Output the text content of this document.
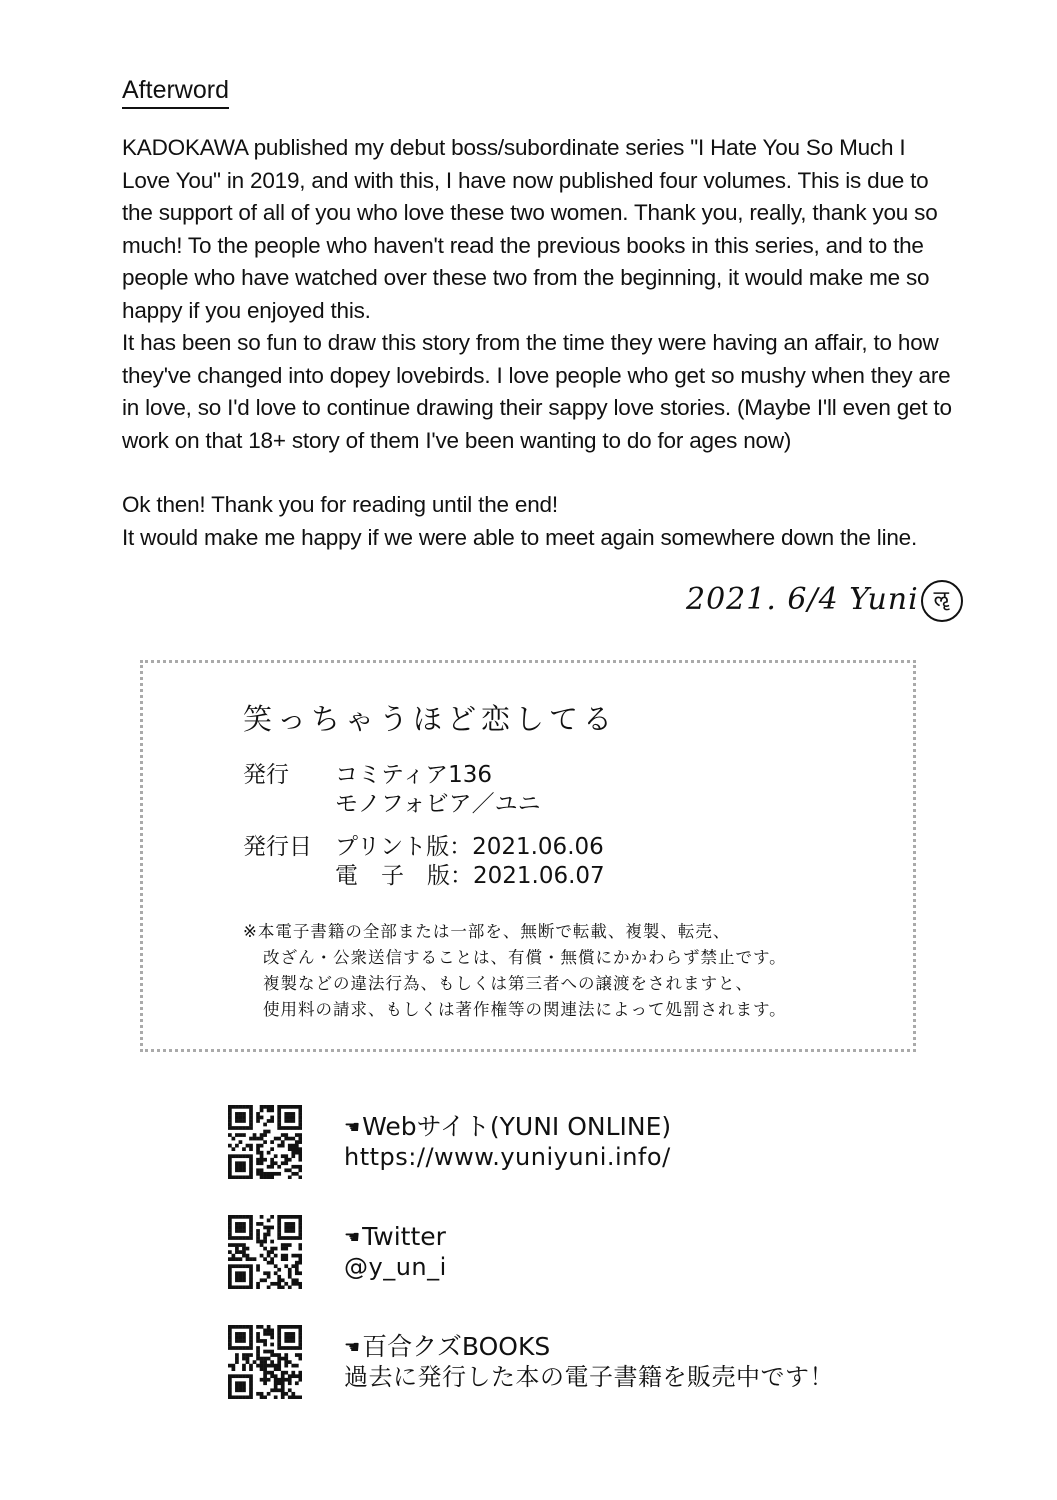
Afterword

KADOKAWA published my debut boss/subordinate series "I Hate You So Much I Love You" in 2019, and with this, I have now published four volumes. This is due to the support of all of you who love these two women. Thank you, really, thank you so much! To the people who haven't read the previous books in this series, and to the people who have watched over these two from the beginning, it would make me so happy if you enjoyed this.

It has been so fun to draw this story from the time they were having an affair, to how they've changed into dopey lovebirds. I love people who get so mushy when they are in love, so I'd love to continue drawing their sappy love stories. (Maybe I'll even get to work on that 18+ story of them I've been wanting to do for ages now)

Ok then! Thank you for reading until the end!
It would make me happy if we were able to meet again somewhere down the line.
2021. 6/4 Yuni ॡ
笑っちゃうほど恋してる
発行 コミティア136
モノフォビア／ユニ
発行日 プリント版：2021.06.06
電　子　版：2021.06.07
※本電子書籍の全部または一部を、無断で転載、複製、転売、
改ざん・公衆送信することは、有償・無償にかかわらず禁止です。
複製などの違法行為、もしくは第三者への譲渡をされますと、
使用料の請求、もしくは著作権等の関連法によって処罰されます。
☚Webサイト(YUNI ONLINE)
https://www.yuniyuni.info/
☚Twitter
@y_un_i
☚百合クズBOOKS
過去に発行した本の電子書籍を販売中です！
